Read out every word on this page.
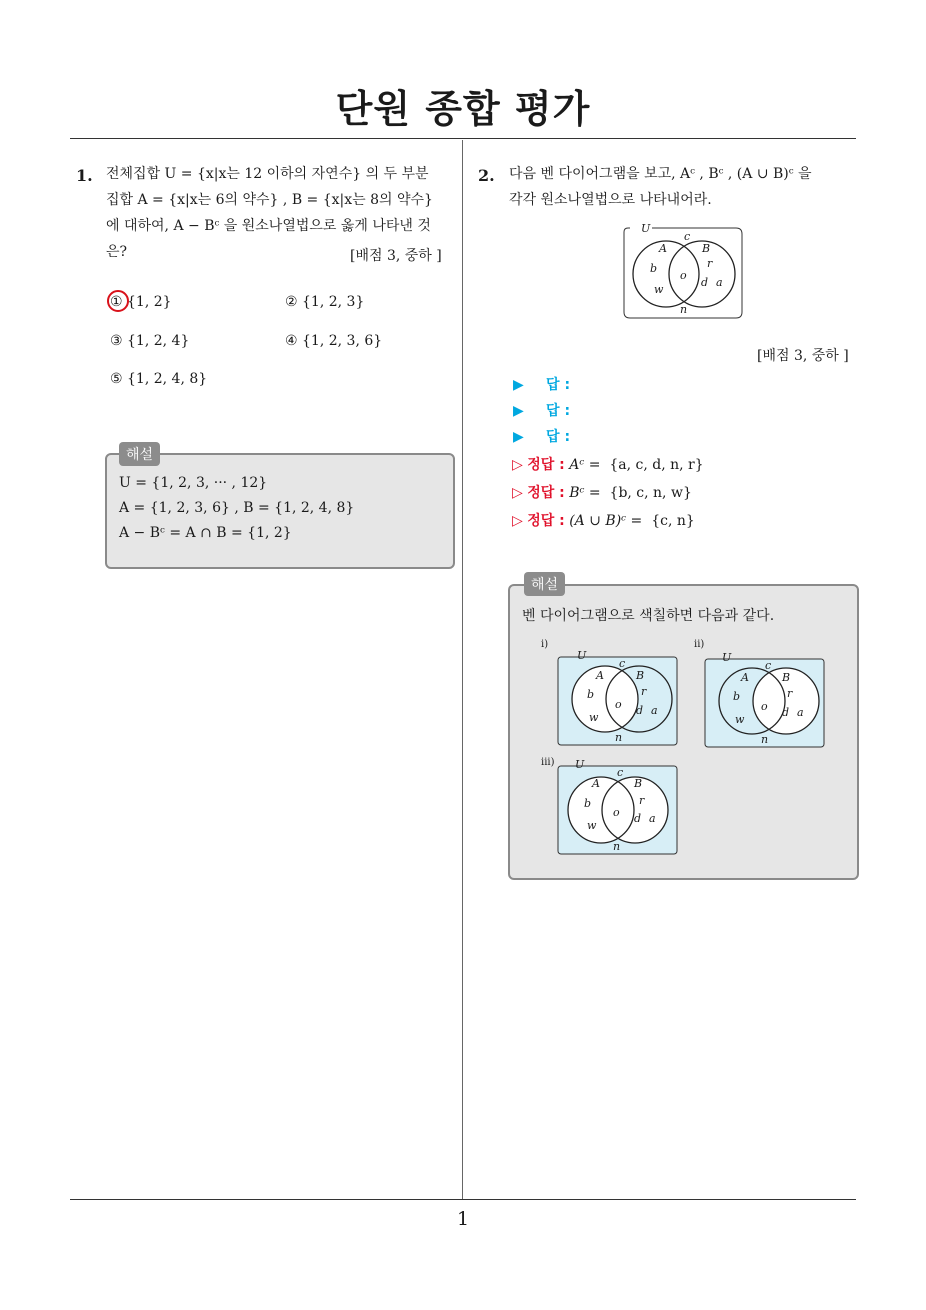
단원 종합 평가
1
1. 전체집합 U = {x|x는 12 이하의 자연수} 의 두 부분
집합 A = {x|x는 6의 약수} , B = {x|x는 8의 약수}
에 대하여, A − Bᶜ 을 원소나열법으로 옳게 나타낸 것
은?	[배점 3, 중하 ]
① {1, 2}	② {1, 2, 3}
③ {1, 2, 4}	④ {1, 2, 3, 6}
⑤ {1, 2, 4, 8}
해설
U = {1, 2, 3, ··· , 12}
A = {1, 2, 3, 6} , B = {1, 2, 4, 8}
A − Bᶜ = A ∩ B = {1, 2}
2. 다음 벤 다이어그램을 보고, Aᶜ , Bᶜ , (A ∪ B)ᶜ 을
각각 원소나열법으로 나타내어라.
U
A	B
c
b
w
o
r
d a
n
[배점 3, 중하 ]
▶ 답 :
▶ 답 :
▶ 답 :
▷ 정답 : Aᶜ = {a, c, d, n, r}
▷ 정답 : Bᶜ = {b, c, n, w}
▷ 정답 : (A ∪ B)ᶜ = {c, n}
해설
벤 다이어그램으로 색칠하면 다음과 같다.
i)	ii)
iii)
U
A	B
c
b
w
o
r
d a
n
U
A	B
c
b
w
o
r
d a
n
U
A	B
c
b
w
o
r
d a
n
